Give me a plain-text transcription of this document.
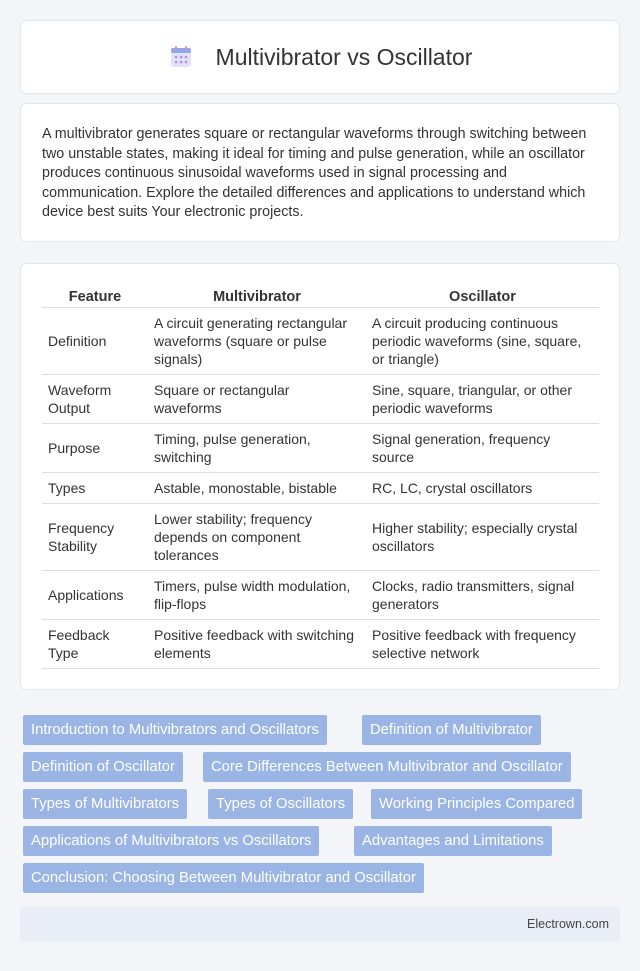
Multivibrator vs Oscillator

A multivibrator generates square or rectangular waveforms through switching between two unstable states, making it ideal for timing and pulse generation, while an oscillator produces continuous sinusoidal waveforms used in signal processing and communication. Explore the detailed differences and applications to understand which device best suits Your electronic projects.

Feature	Multivibrator	Oscillator
Definition	A circuit generating rectangular waveforms (square or pulse signals)	A circuit producing continuous periodic waveforms (sine, square, or triangle)
Waveform Output	Square or rectangular waveforms	Sine, square, triangular, or other periodic waveforms
Purpose	Timing, pulse generation, switching	Signal generation, frequency source
Types	Astable, monostable, bistable	RC, LC, crystal oscillators
Frequency Stability	Lower stability; frequency depends on component tolerances	Higher stability; especially crystal oscillators
Applications	Timers, pulse width modulation, flip-flops	Clocks, radio transmitters, signal generators
Feedback Type	Positive feedback with switching elements	Positive feedback with frequency selective network
Introduction to Multivibrators and Oscillators	Definition of Multivibrator
Definition of Oscillator	Core Differences Between Multivibrator and Oscillator
Types of Multivibrators	Types of Oscillators	Working Principles Compared
Applications of Multivibrators vs Oscillators	Advantages and Limitations
Conclusion: Choosing Between Multivibrator and Oscillator
Electrown.com
